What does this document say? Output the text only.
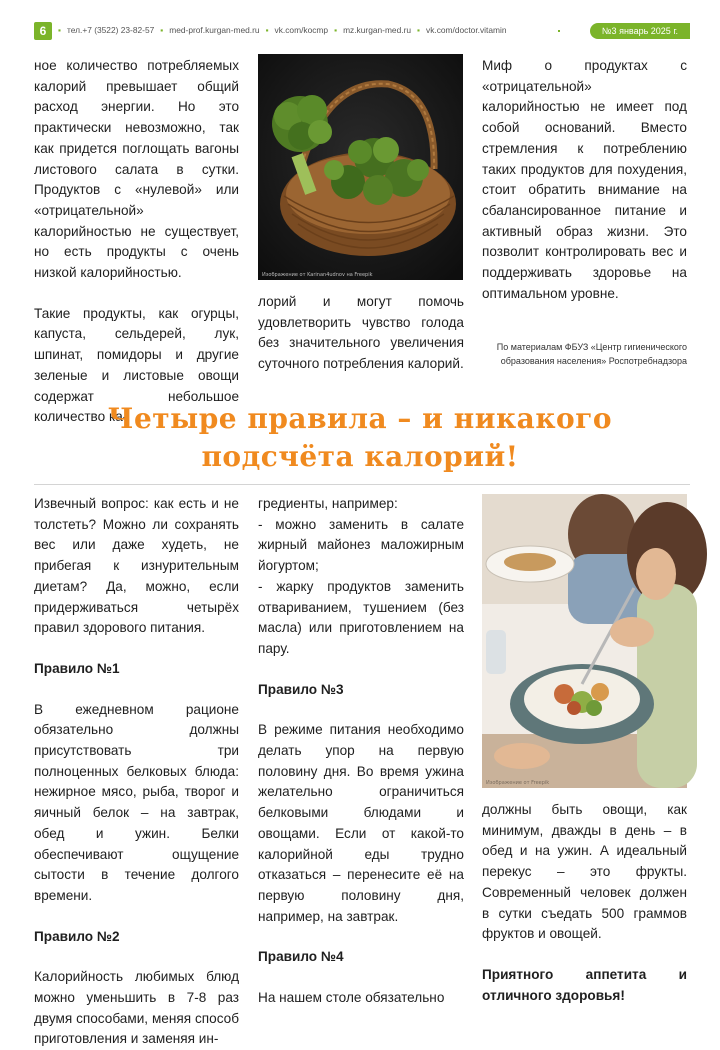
6	▪ тел.+7 (3522) 23-82-57 ▪ med-prof.kurgan-med.ru ▪ vk.com/kocmp ▪ mz.kurgan-med.ru ▪ vk.com/doctor.vitamin	№3 январь 2025 г.

ное количество потребляемых калорий превышает общий расход энергии. Но это практически невозможно, так как придется поглощать вагоны листового салата в сутки. Продуктов с «нулевой» или «отрицательной» калорийностью не существует, но есть продукты с очень низкой калорийностью.

Такие продукты, как огурцы, капуста, сельдерей, лук, шпинат, помидоры и другие зеленые и листовые овощи содержат небольшое количество ка-

Изображение от Karinan4udnov на Freepik

лорий и могут помочь удовлетворить чувство голода без значительного увеличения суточного потребления калорий.

Миф о продуктах с «отрицательной» калорийностью не имеет под собой оснований. Вместо стремления к потреблению таких продуктов для похудения, стоит обратить внимание на сбалансированное питание и активный образ жизни. Это позволит контролировать вес и поддерживать здоровье на оптимальном уровне.

По материалам ФБУЗ «Центр гигиенического образования населения» Роспотребнадзора
Четыре правила – и никакого
подсчёта калорий!

Извечный вопрос: как есть и не толстеть? Можно ли сохранять вес или даже худеть, не прибегая к изнурительным диетам? Да, можно, если придерживаться четырёх правил здорового питания.

Правило №1

В ежедневном рационе обязательно должны присутствовать три полноценных белковых блюда: нежирное мясо, рыба, творог и яичный белок – на завтрак, обед и ужин. Белки обеспечивают ощущение сытости в течение долгого времени.

Правило №2

Калорийность любимых блюд можно уменьшить в 7-8 раз двумя способами, меняя способ приготовления и заменяя ин-

гредиенты, например:
- можно заменить в салате жирный майонез маложирным йогуртом;
- жарку продуктов заменить отвариванием, тушением (без масла) или приготовлением на пару.

Правило №3

В режиме питания необходимо делать упор на первую половину дня. Во время ужина желательно ограничиться белковыми блюдами и овощами. Если от какой-то калорийной еды трудно отказаться – перенесите её на первую половину дня, например, на завтрак.

Правило №4

На нашем столе обязательно

Изображение от Freepik

должны быть овощи, как минимум, дважды в день – в обед и на ужин. А идеальный перекус – это фрукты. Современный человек должен в сутки съедать 500 граммов фруктов и овощей.

Приятного аппетита и отличного здоровья!
